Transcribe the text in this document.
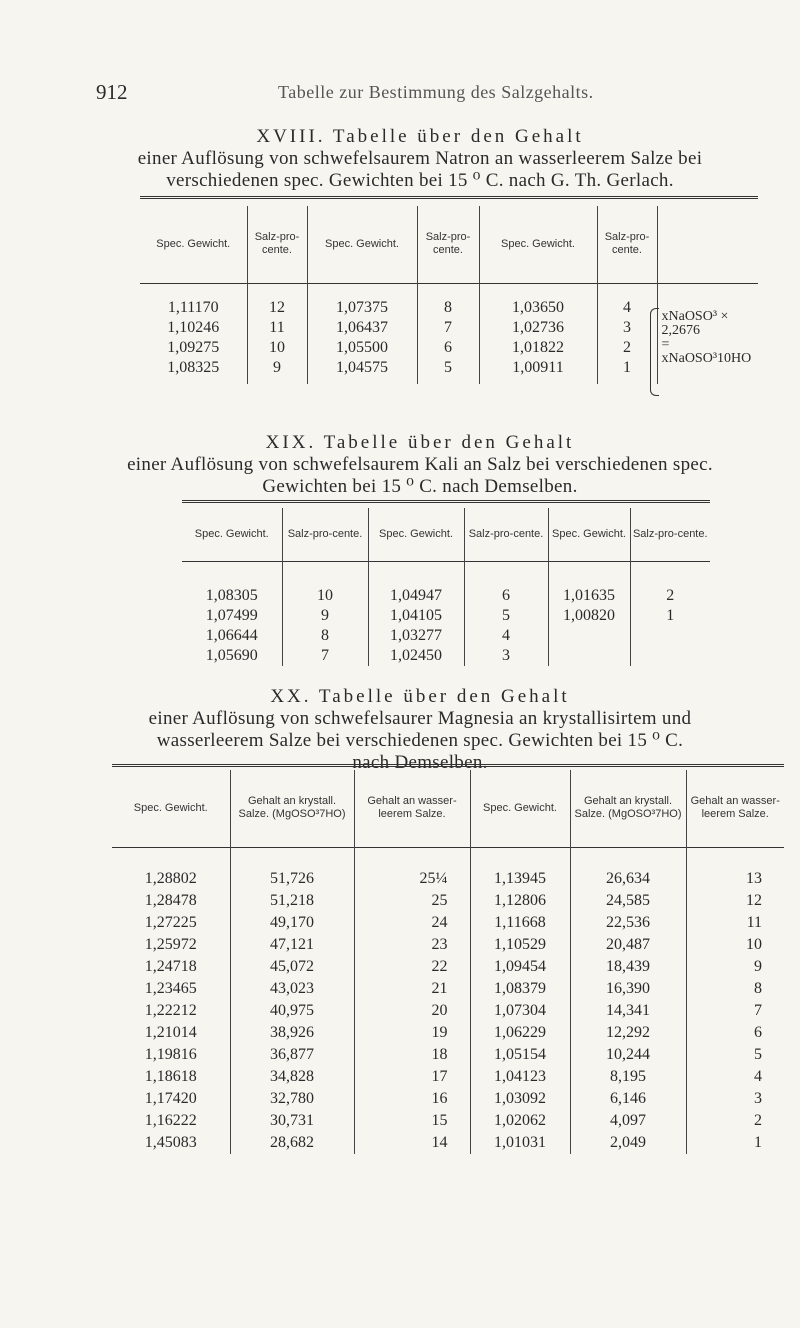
912	Tabelle zur Bestimmung des Salzgehalts.
XVIII. Tabelle über den Gehalt
einer Auflösung von schwefelsaurem Natron an wasserleerem Salze bei
verschiedenen spec. Gewichten bei 15 ⁰ C. nach G. Th. Gerlach.

Spec. Gewicht.	Salz-pro-cente.	Spec. Gewicht.	Salz-pro-cente.	Spec. Gewicht.	Salz-pro-cente.	

1,11170	12	1,07375	8	1,03650	4	xNaOSO³ × 2,2676
= xNaOSO³10HO

1,10246	11	1,06437	7	1,02736	3	
1,09275	10	1,05500	6	1,01822	2	
1,08325	9	1,04575	5	1,00911	1	

XIX. Tabelle über den Gehalt
einer Auflösung von schwefelsaurem Kali an Salz bei verschiedenen spec.
Gewichten bei 15 ⁰ C. nach Demselben.

Spec. Gewicht.	Salz-pro-cente.	Spec. Gewicht.	Salz-pro-cente.	Spec. Gewicht.	Salz-pro-cente.

1,08305	10	1,04947	6	1,01635	2
1,07499	9	1,04105	5	1,00820	1
1,06644	8	1,03277	4		
1,05690	7	1,02450	3		
XX. Tabelle über den Gehalt
einer Auflösung von schwefelsaurer Magnesia an krystallisirtem und
wasserleerem Salze bei verschiedenen spec. Gewichten bei 15 ⁰ C.
nach Demselben.

Spec. Gewicht.	Gehalt an krystall. Salze. (MgOSO³7HO)	Gehalt an wasser-leerem Salze.	Spec. Gewicht.	Gehalt an krystall. Salze. (MgOSO³7HO)	Gehalt an wasser-leerem Salze.

1,28802	51,726	25¼	1,13945	26,634	13
1,28478	51,218	25	1,12806	24,585	12
1,27225	49,170	24	1,11668	22,536	11
1,25972	47,121	23	1,10529	20,487	10
1,24718	45,072	22	1,09454	18,439	9
1,23465	43,023	21	1,08379	16,390	8
1,22212	40,975	20	1,07304	14,341	7
1,21014	38,926	19	1,06229	12,292	6
1,19816	36,877	18	1,05154	10,244	5
1,18618	34,828	17	1,04123	8,195	4
1,17420	32,780	16	1,03092	6,146	3
1,16222	30,731	15	1,02062	4,097	2
1,45083	28,682	14	1,01031	2,049	1
